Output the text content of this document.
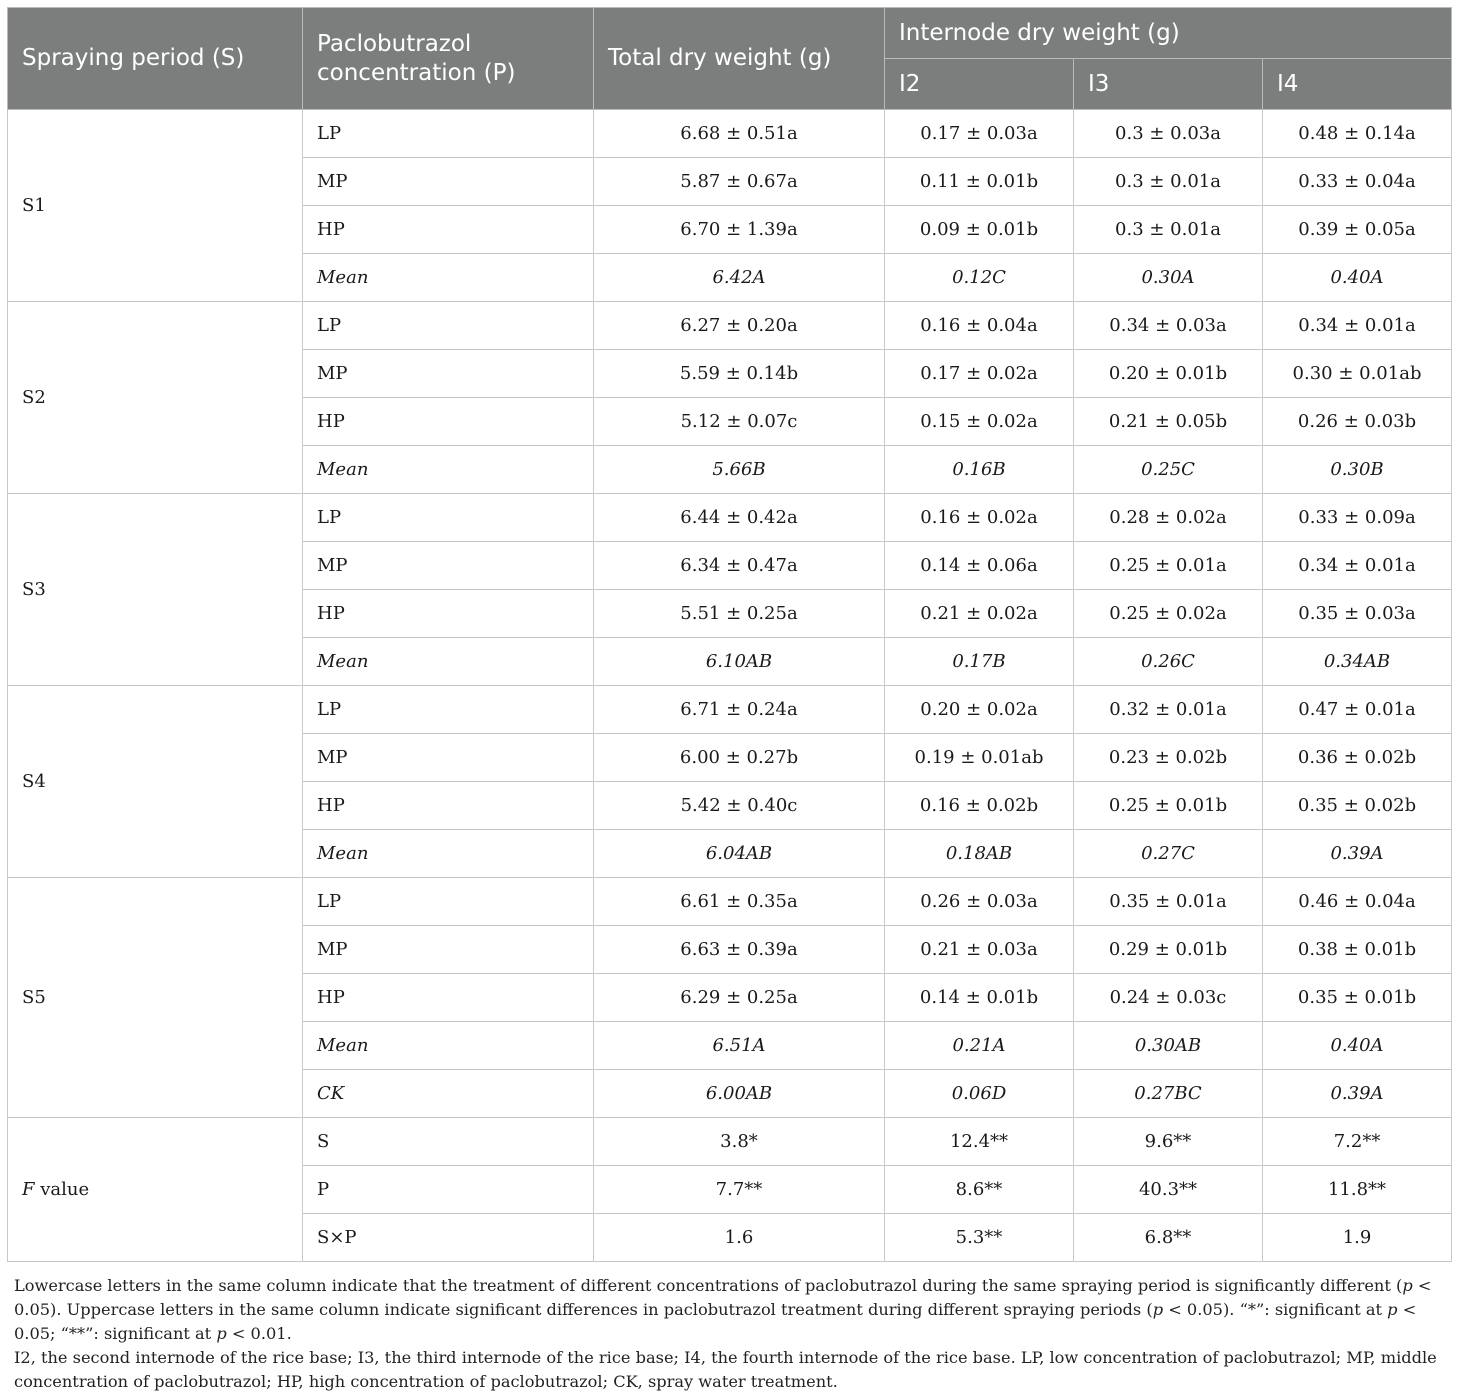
Spraying period (S)	Paclobutrazol concentration (P)	Total dry weight (g)	Internode dry weight (g)		
			I2	I3	I4
S1	LP	6.68 ± 0.51a	0.17 ± 0.03a	0.3 ± 0.03a	0.48 ± 0.14a
	MP	5.87 ± 0.67a	0.11 ± 0.01b	0.3 ± 0.01a	0.33 ± 0.04a
	HP	6.70 ± 1.39a	0.09 ± 0.01b	0.3 ± 0.01a	0.39 ± 0.05a
	Mean	6.42A	0.12C	0.30A	0.40A
S2	LP	6.27 ± 0.20a	0.16 ± 0.04a	0.34 ± 0.03a	0.34 ± 0.01a
	MP	5.59 ± 0.14b	0.17 ± 0.02a	0.20 ± 0.01b	0.30 ± 0.01ab
	HP	5.12 ± 0.07c	0.15 ± 0.02a	0.21 ± 0.05b	0.26 ± 0.03b
	Mean	5.66B	0.16B	0.25C	0.30B
S3	LP	6.44 ± 0.42a	0.16 ± 0.02a	0.28 ± 0.02a	0.33 ± 0.09a
	MP	6.34 ± 0.47a	0.14 ± 0.06a	0.25 ± 0.01a	0.34 ± 0.01a
	HP	5.51 ± 0.25a	0.21 ± 0.02a	0.25 ± 0.02a	0.35 ± 0.03a
	Mean	6.10AB	0.17B	0.26C	0.34AB
S4	LP	6.71 ± 0.24a	0.20 ± 0.02a	0.32 ± 0.01a	0.47 ± 0.01a
	MP	6.00 ± 0.27b	0.19 ± 0.01ab	0.23 ± 0.02b	0.36 ± 0.02b
	HP	5.42 ± 0.40c	0.16 ± 0.02b	0.25 ± 0.01b	0.35 ± 0.02b
	Mean	6.04AB	0.18AB	0.27C	0.39A
S5	LP	6.61 ± 0.35a	0.26 ± 0.03a	0.35 ± 0.01a	0.46 ± 0.04a
	MP	6.63 ± 0.39a	0.21 ± 0.03a	0.29 ± 0.01b	0.38 ± 0.01b
	HP	6.29 ± 0.25a	0.14 ± 0.01b	0.24 ± 0.03c	0.35 ± 0.01b
	Mean	6.51A	0.21A	0.30AB	0.40A
	CK	6.00AB	0.06D	0.27BC	0.39A
F value	S	3.8*	12.4**	9.6**	7.2**
	P	7.7**	8.6**	40.3**	11.8**
	S×P	1.6	5.3**	6.8**	1.9

Lowercase letters in the same column indicate that the treatment of different concentrations of paclobutrazol during the same spraying period is significantly different (p < 0.05). Uppercase letters in the same column indicate significant differences in paclobutrazol treatment during different spraying periods (p < 0.05). “*”: significant at p < 0.05; “**”: significant at p < 0.01.

I2, the second internode of the rice base; I3, the third internode of the rice base; I4, the fourth internode of the rice base. LP, low concentration of paclobutrazol; MP, middle concentration of paclobutrazol; HP, high concentration of paclobutrazol; CK, spray water treatment.
